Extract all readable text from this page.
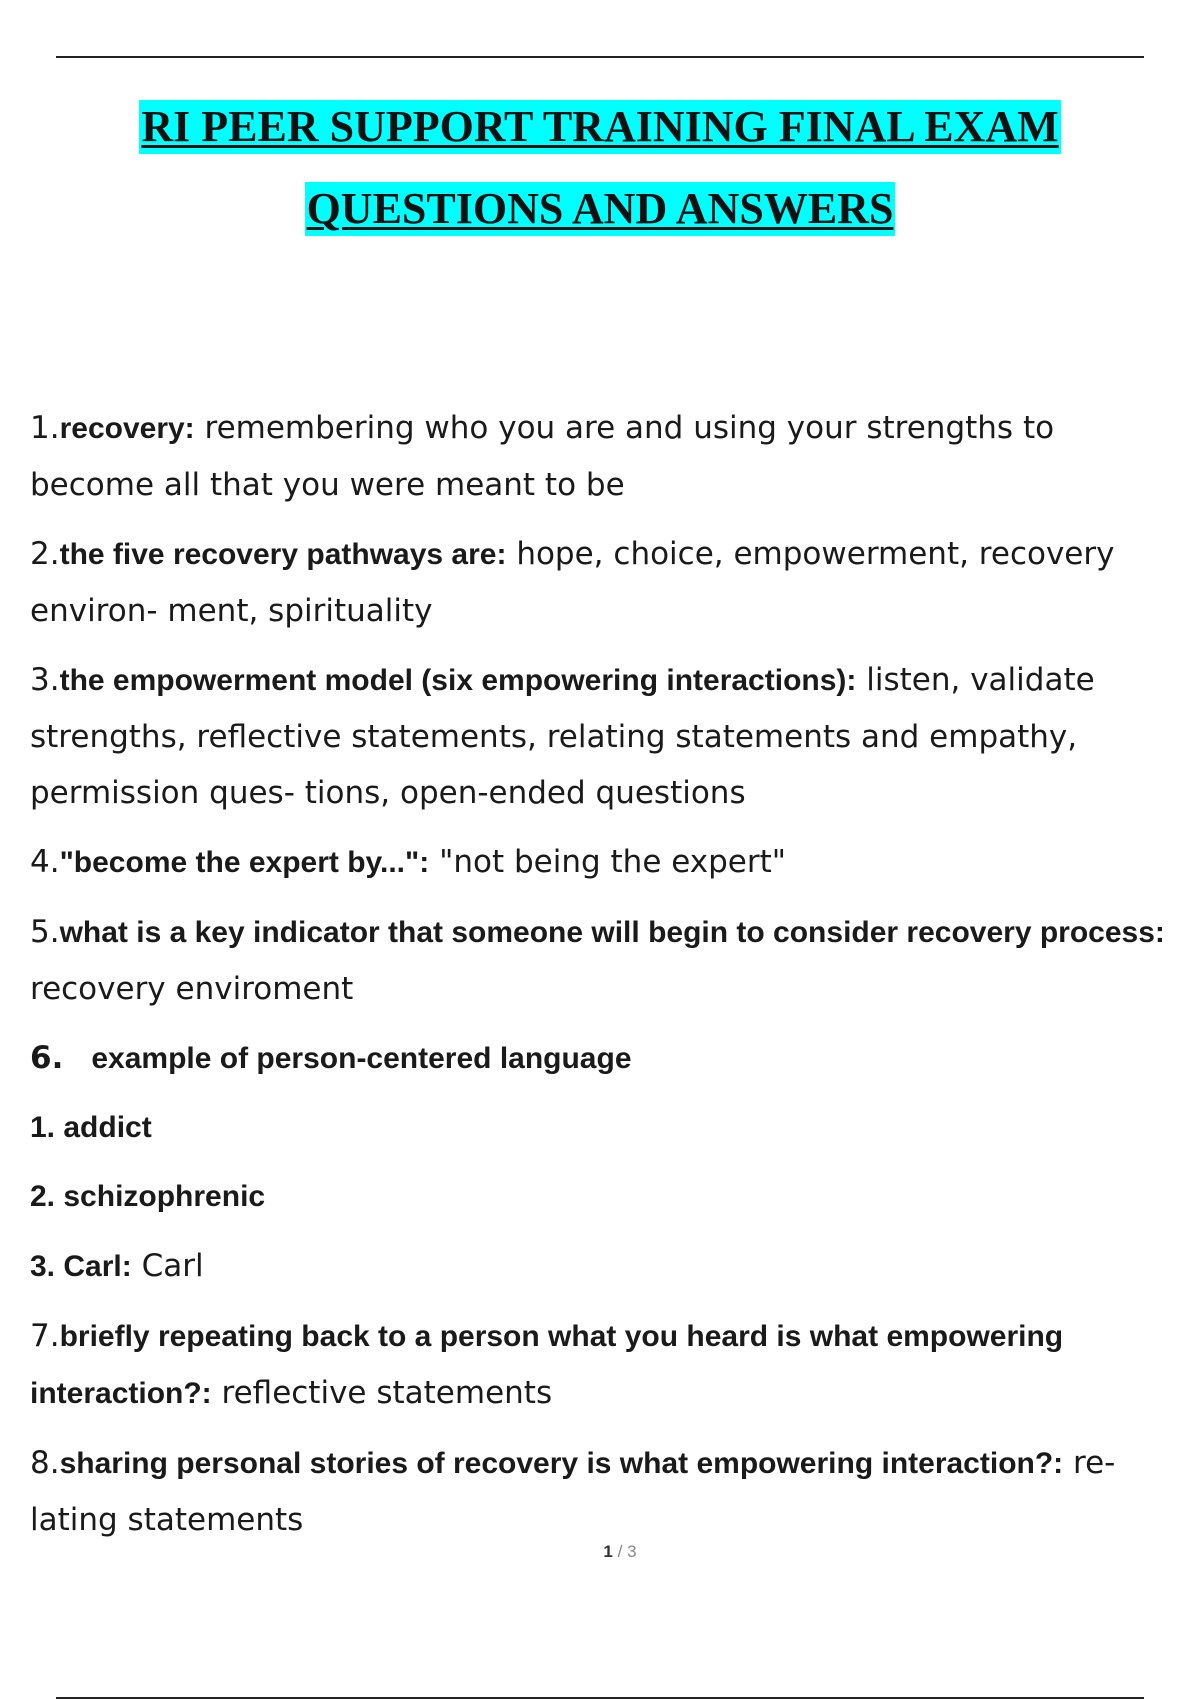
RI PEER SUPPORT TRAINING FINAL EXAM
QUESTIONS AND ANSWERS

1.recovery: remembering who you are and using your strengths to become all that you were meant to be

2.the five recovery pathways are: hope, choice, empowerment, recovery environ- ment, spirituality

3.the empowerment model (six empowering interactions): listen, validate strengths, reflective statements, relating statements and empathy, permission ques- tions, open-ended questions

4."become the expert by...": "not being the expert"

5.what is a key indicator that someone will begin to consider recovery process: recovery enviroment

6. example of person-centered language

1. addict

2. schizophrenic

3. Carl: Carl

7.briefly repeating back to a person what you heard is what empowering interaction?: reflective statements

8.sharing personal stories of recovery is what empowering interaction?: re- lating statements

1 / 3
